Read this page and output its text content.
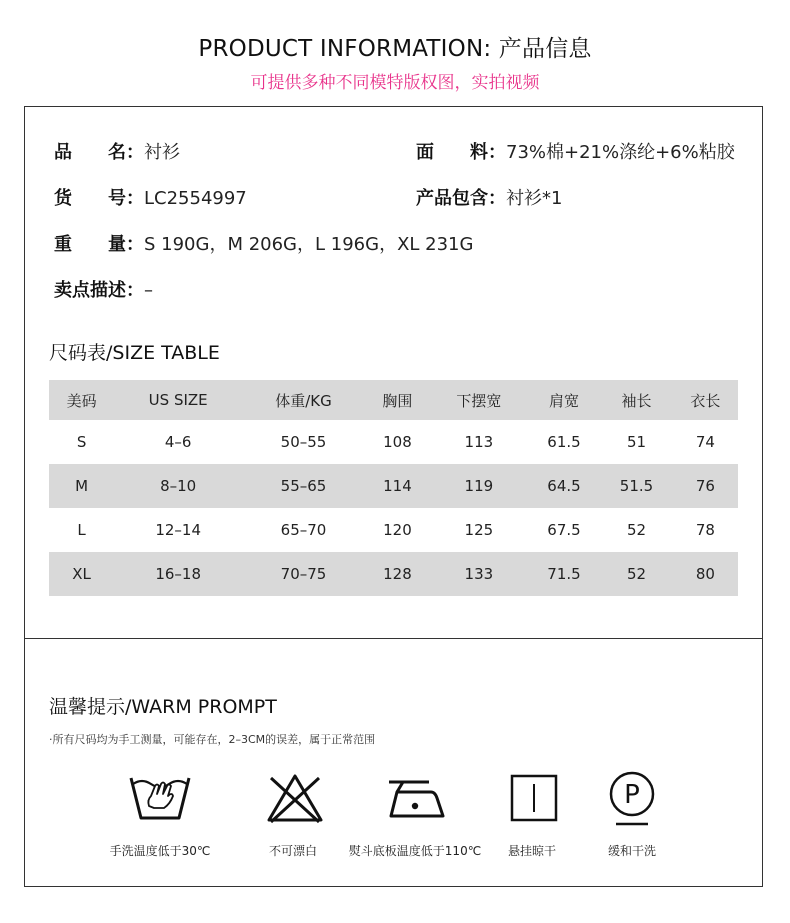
PRODUCT INFORMATION: 产品信息
可提供多种不同模特版权图，实拍视频
品　　名：衬衫	面　　料：73%棉+21%涤纶+6%粘胶
货　　号：LC2554997	产品包含：衬衫*1
重　　量：S 190G，M 206G，L 196G，XL 231G
卖点描述：–
尺码表/SIZE TABLE
美码	US SIZE	体重/KG	胸围	下摆宽	肩宽	袖长	衣长
S	4–6	50–55	108	113	61.5	51	74
M	8–10	55–65	114	119	64.5	51.5	76
L	12–14	65–70	120	125	67.5	52	78
XL	16–18	70–75	128	133	71.5	52	80
温馨提示/WARM PROMPT
·所有尺码均为手工测量，可能存在，2–3CM的误差，属于正常范围
手洗温度低于30℃	不可漂白	熨斗底板温度低于110℃	悬挂晾干
P
缓和干洗
